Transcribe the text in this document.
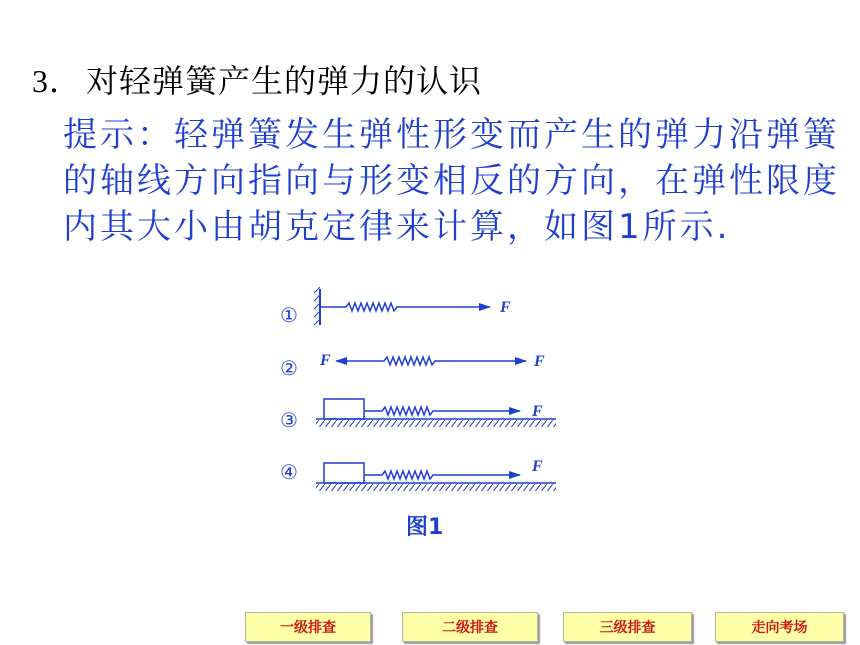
3． 对轻弹簧产生的弹力的认识
提示：轻弹簧发生弹性形变而产生的弹力沿弹簧的轴线方向指向与形变相反的方向，在弹性限度内其大小由胡克定律来计算，如图1所示.
①	F
② F	F
③	F
④	F
图1
一级排查	二级排查	三级排查	走向考场
